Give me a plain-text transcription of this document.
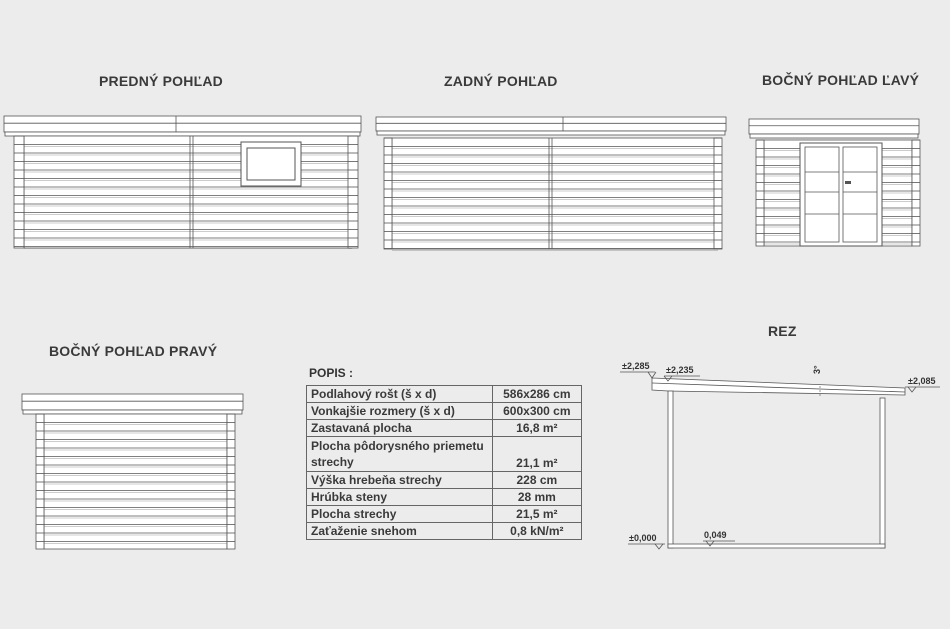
PREDNÝ POHĽAD	ZADNÝ POHĽAD	BOČNÝ POHĽAD ĽAVÝ
BOČNÝ POHĽAD PRAVÝ
REZ
±2,285 ±2,235
±2,085
±0,000	0,049
3°
POPIS :
Podlahový rošt (š x d)	586x286 cm
Vonkajšie rozmery (š x d)	600x300 cm
Zastavaná plocha	16,8 m²
Plocha pôdorysného priemetu strechy	21,1 m²
Výška hrebeňa strechy	228 cm
Hrúbka steny	28 mm
Plocha strechy	21,5 m²
Zaťaženie snehom	0,8 kN/m²
